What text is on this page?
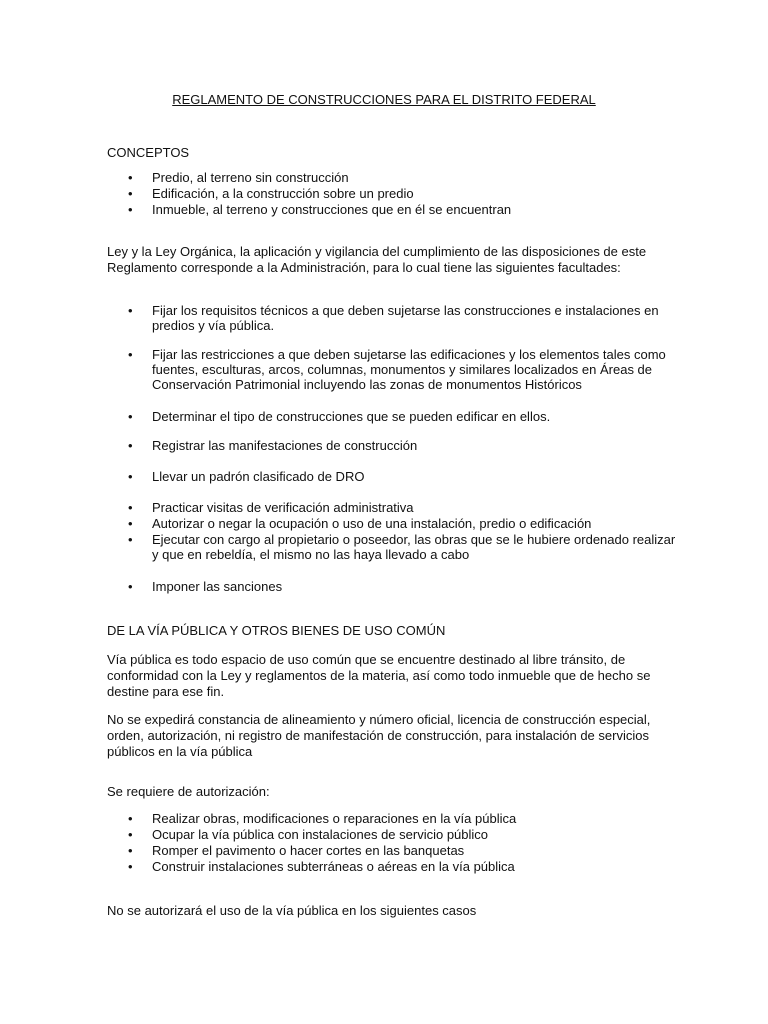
REGLAMENTO DE CONSTRUCCIONES PARA EL DISTRITO FEDERAL

CONCEPTOS

•	Predio, al terreno sin construcción

•	Edificación, a la construcción sobre un predio

•	Inmueble, al terreno y construcciones que en él se encuentran

Ley y la Ley Orgánica, la aplicación y vigilancia del cumplimiento de las disposiciones de este

Reglamento corresponde a la Administración, para lo cual tiene las siguientes facultades:

•	Fijar los requisitos técnicos a que deben sujetarse las construcciones e instalaciones en

predios y vía pública.

•	Fijar las restricciones a que deben sujetarse las edificaciones y los elementos tales como

fuentes, esculturas, arcos, columnas, monumentos y similares localizados en Áreas de

Conservación Patrimonial incluyendo las zonas de monumentos Históricos

•	Determinar el tipo de construcciones que se pueden edificar en ellos.

•	Registrar las manifestaciones de construcción

•	Llevar un padrón clasificado de DRO

•	Practicar visitas de verificación administrativa

•	Autorizar o negar la ocupación o uso de una instalación, predio o edificación

•	Ejecutar con cargo al propietario o poseedor, las obras que se le hubiere ordenado realizar

y que en rebeldía, el mismo no las haya llevado a cabo

•	Imponer las sanciones

DE LA VÍA PÚBLICA Y OTROS BIENES DE USO COMÚN

Vía pública es todo espacio de uso común que se encuentre destinado al libre tránsito, de

conformidad con la Ley y reglamentos de la materia, así como todo inmueble que de hecho se

destine para ese fin.

No se expedirá constancia de alineamiento y número oficial, licencia de construcción especial,

orden, autorización, ni registro de manifestación de construcción, para instalación de servicios

públicos en la vía pública

Se requiere de autorización:

•	Realizar obras, modificaciones o reparaciones en la vía pública

•	Ocupar la vía pública con instalaciones de servicio público

•	Romper el pavimento o hacer cortes en las banquetas

•	Construir instalaciones subterráneas o aéreas en la vía pública

No se autorizará el uso de la vía pública en los siguientes casos
